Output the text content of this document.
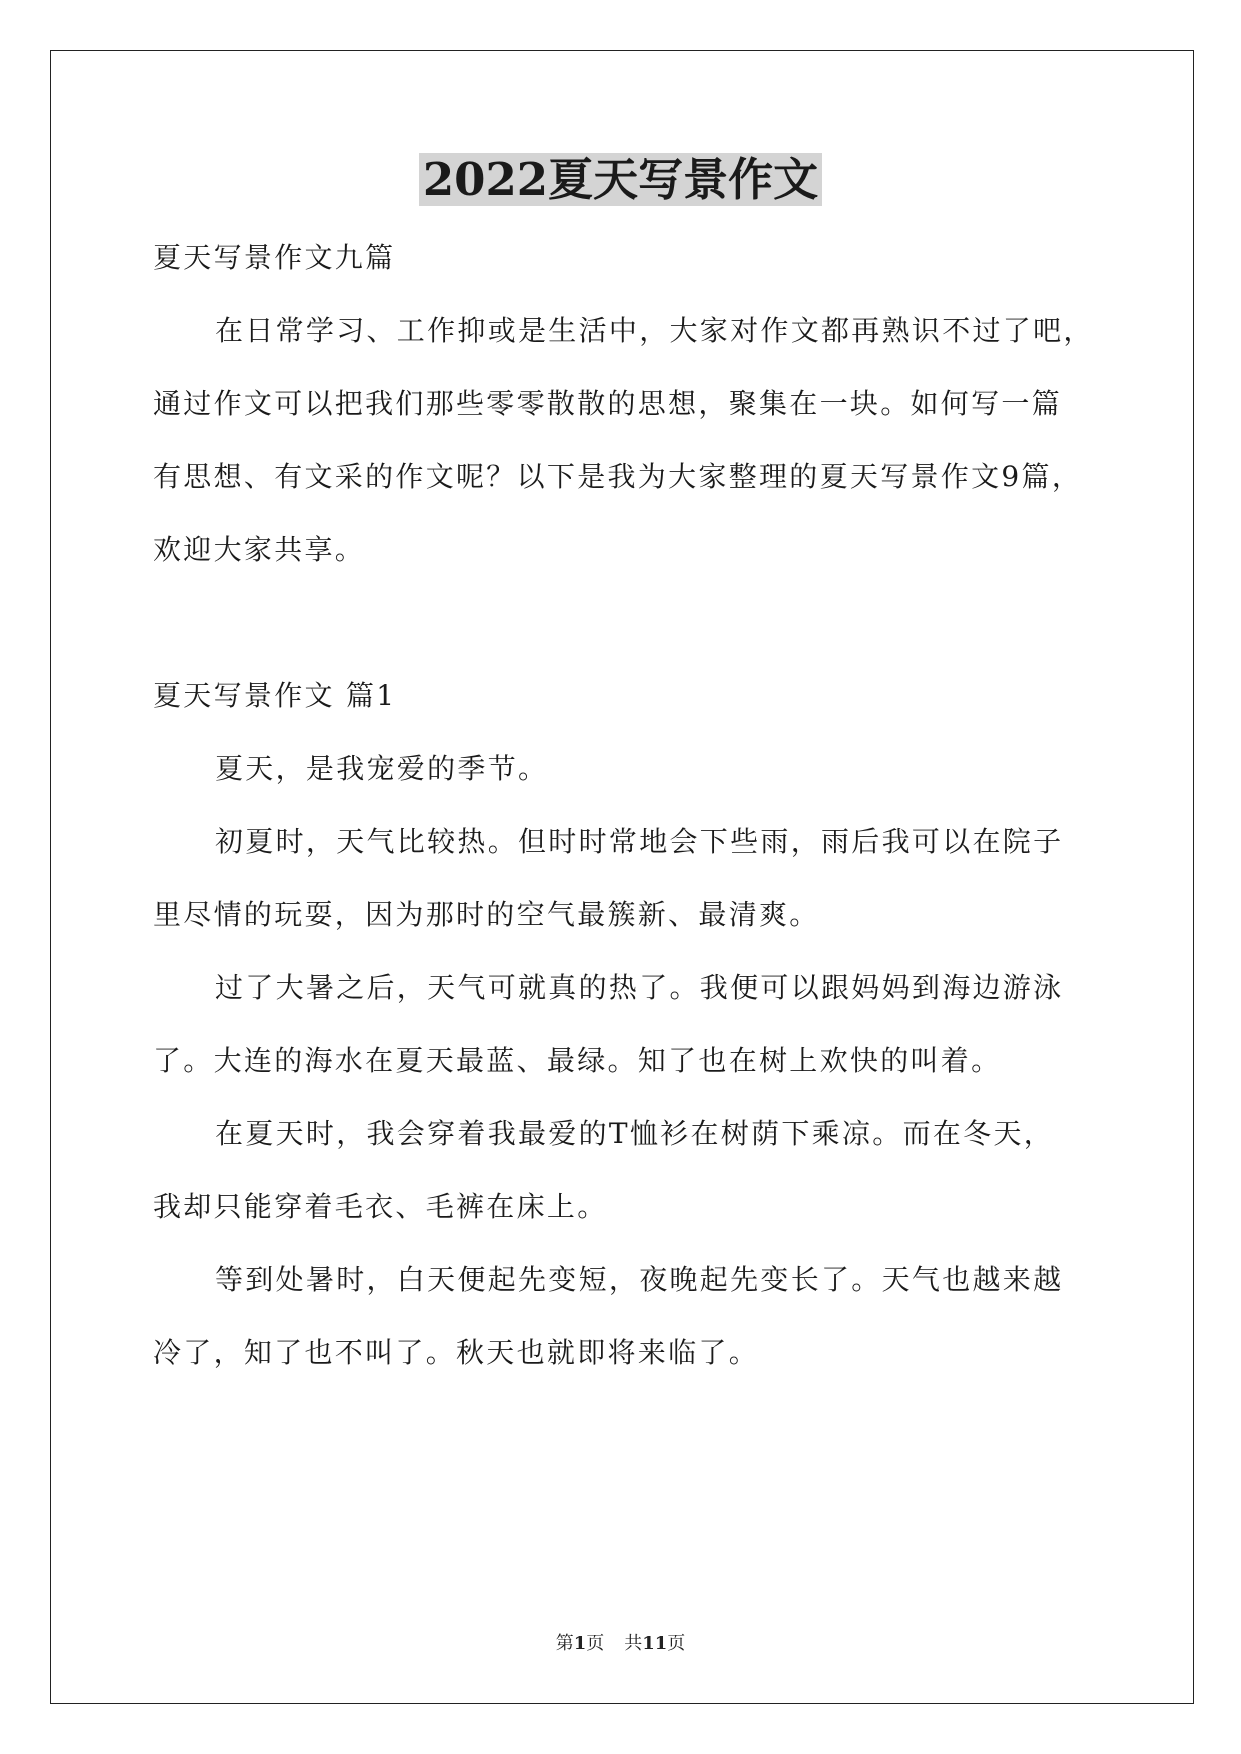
2022夏天写景作文

夏天写景作文九篇

在日常学习、工作抑或是生活中，大家对作文都再熟识不过了吧，

通过作文可以把我们那些零零散散的思想，聚集在一块。如何写一篇

有思想、有文采的作文呢？以下是我为大家整理的夏天写景作文9篇，

欢迎大家共享。

夏天写景作文 篇1

夏天，是我宠爱的季节。

初夏时，天气比较热。但时时常地会下些雨，雨后我可以在院子

里尽情的玩耍，因为那时的空气最簇新、最清爽。

过了大暑之后，天气可就真的热了。我便可以跟妈妈到海边游泳

了。大连的海水在夏天最蓝、最绿。知了也在树上欢快的叫着。

在夏天时，我会穿着我最爱的T恤衫在树荫下乘凉。而在冬天，

我却只能穿着毛衣、毛裤在床上。

等到处暑时，白天便起先变短，夜晚起先变长了。天气也越来越

冷了，知了也不叫了。秋天也就即将来临了。

第1页 共11页
